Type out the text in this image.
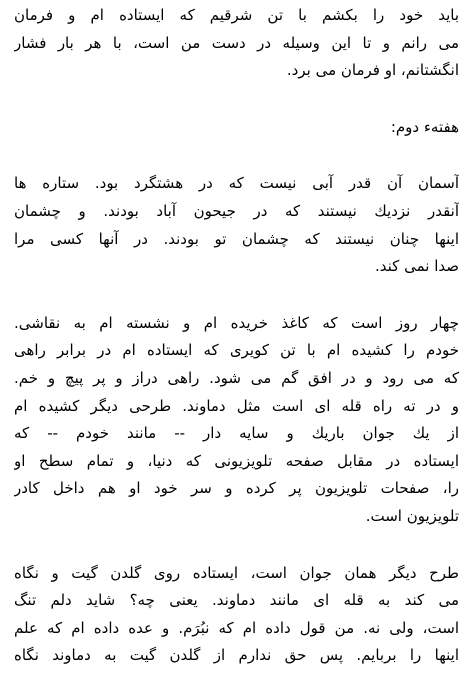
باید خود را بکشم با تن شرقیم که ایستاده ام و فرمان
می رانم و تا این وسیله در دست من است، با هر بار فشار
انگشتانم، او فرمان می برد.
هفتهء دوم:
آسمان آن قدر آبی نیست که در هشتگرد بود. ستاره ها
آنقدر نزدیك نیستند که در جیحون آباد بودند. و چشمان
اینها چنان نیستند که چشمان تو بودند. در آنها کسی مرا
صدا نمی کند.
چهار روز است که کاغذ خریده ام و نشسته ام به نقاشی.
خودم را کشیده ام با تن کویری که ایستاده ام در برابر راهی
که می رود و در افق گم می شود. راهی دراز و پر پیچ و خم.
و در ته راه قله ای است مثل دماوند. طرحی دیگر کشیده ام
از یك جوان باریك و سایه دار -- مانند خودم -- که
ایستاده در مقابل صفحه تلویزیونی که دنیا، و تمام سطح او
را، صفحات تلویزیون پر کرده و سر خود او هم داخل کادر
تلویزیون است.
طرح دیگر همان جوان است، ایستاده روی گلدن گیت و نگاه
می کند به قله ای مانند دماوند. یعنی چه؟ شاید دلم تنگ
است، ولی نه. من قول داده ام که نبُرَم. و عده داده ام که علم
اینها را بربایم. پس حق ندارم از گلدن گیت به دماوند نگاه
